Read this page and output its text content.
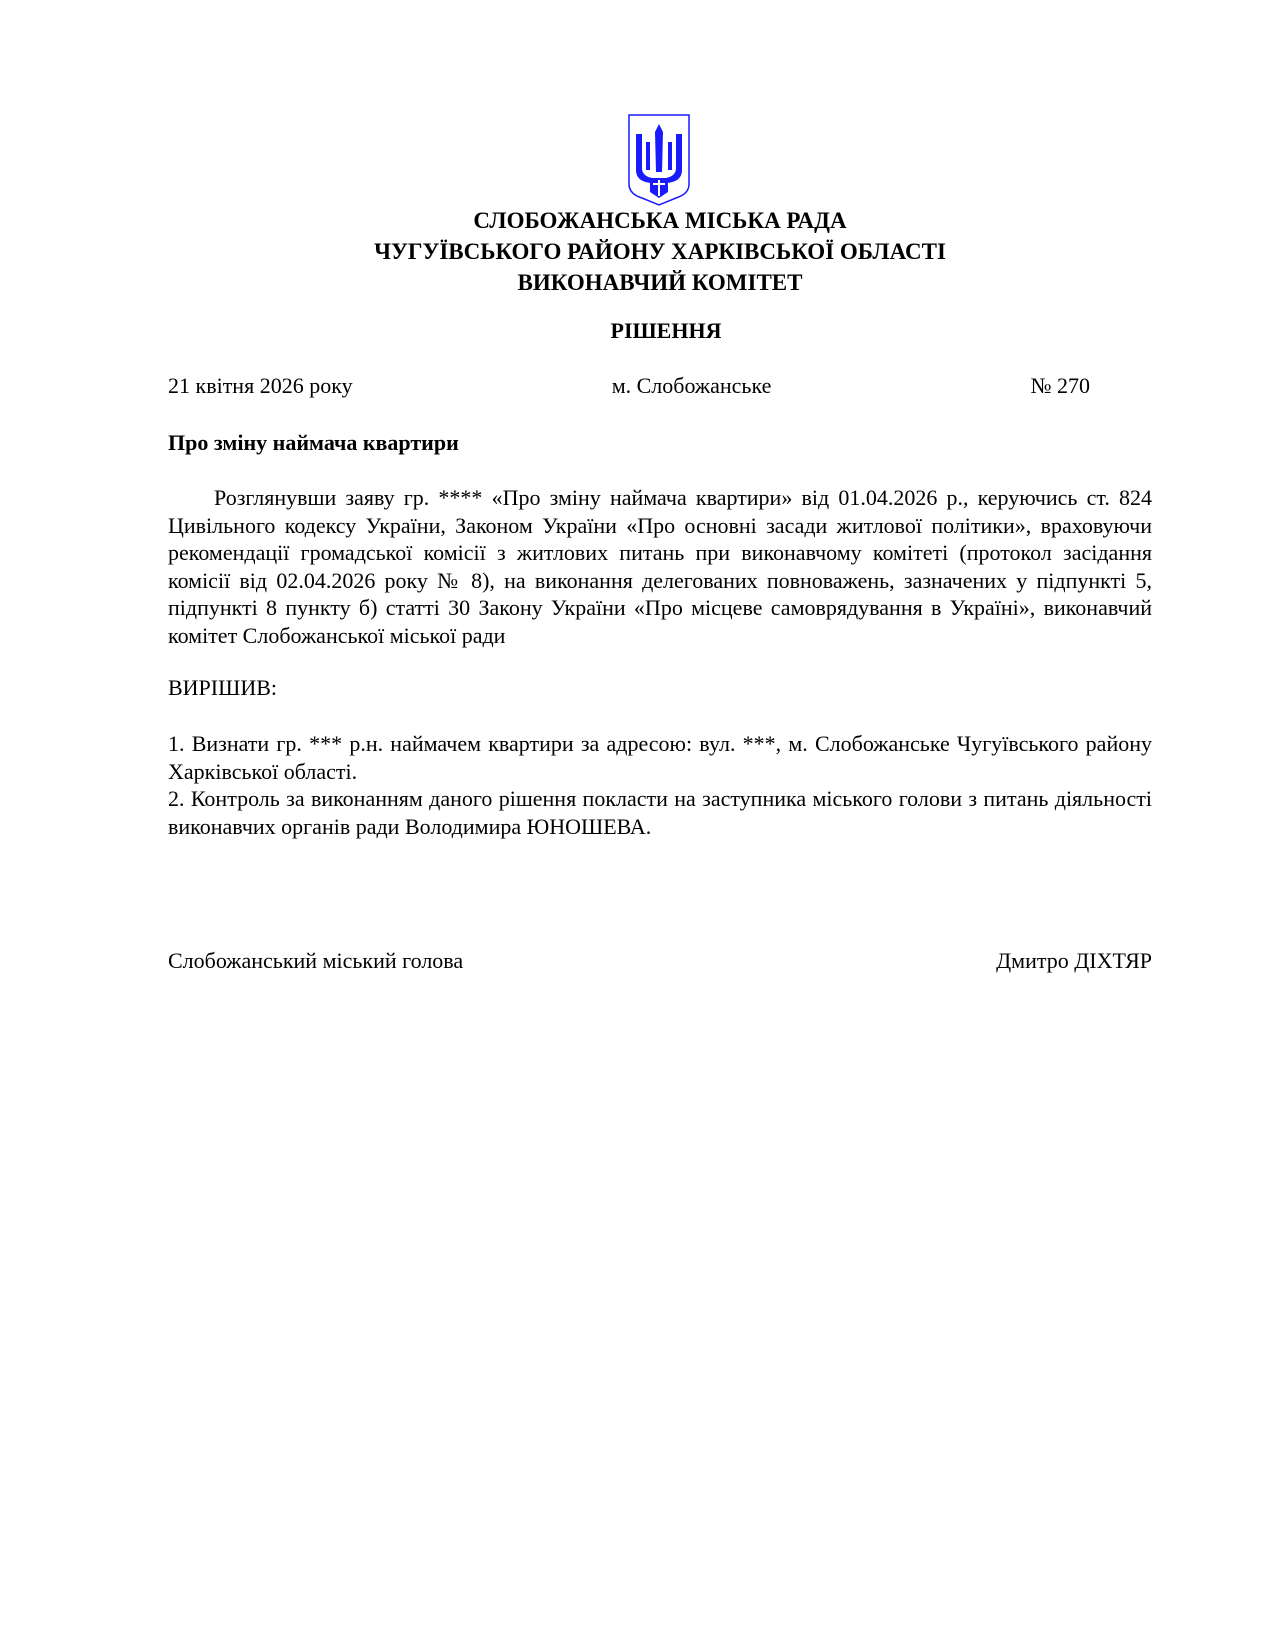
СЛОБОЖАНСЬКА МІСЬКА РАДА
ЧУГУЇВСЬКОГО РАЙОНУ ХАРКІВСЬКОЇ ОБЛАСТІ
ВИКОНАВЧИЙ КОМІТЕТ
РІШЕННЯ
21 квітня 2026 року	м. Слобожанське	№ 270
Про зміну наймача квартири
Розглянувши заяву гр. **** «Про зміну наймача квартири» від 01.04.2026 р., керуючись ст. 824 Цивільного кодексу України, Законом України «Про основні засади житлової політики», враховуючи рекомендації громадської комісії з житлових питань при виконавчому комітеті (протокол засідання комісії від 02.04.2026 року № 8), на виконання делегованих повноважень, зазначених у підпункті 5, підпункті 8 пункту б) статті 30 Закону України «Про місцеве самоврядування в Україні», виконавчий комітет Слобожанської міської ради
ВИРІШИВ:
1. Визнати гр. *** р.н. наймачем квартири за адресою: вул. ***, м. Слобожанське Чугуївського району Харківської області.
2. Контроль за виконанням даного рішення покласти на заступника міського голови з питань діяльності виконавчих органів ради Володимира ЮНОШЕВА.
Слобожанський міський голова	Дмитро ДІХТЯР
